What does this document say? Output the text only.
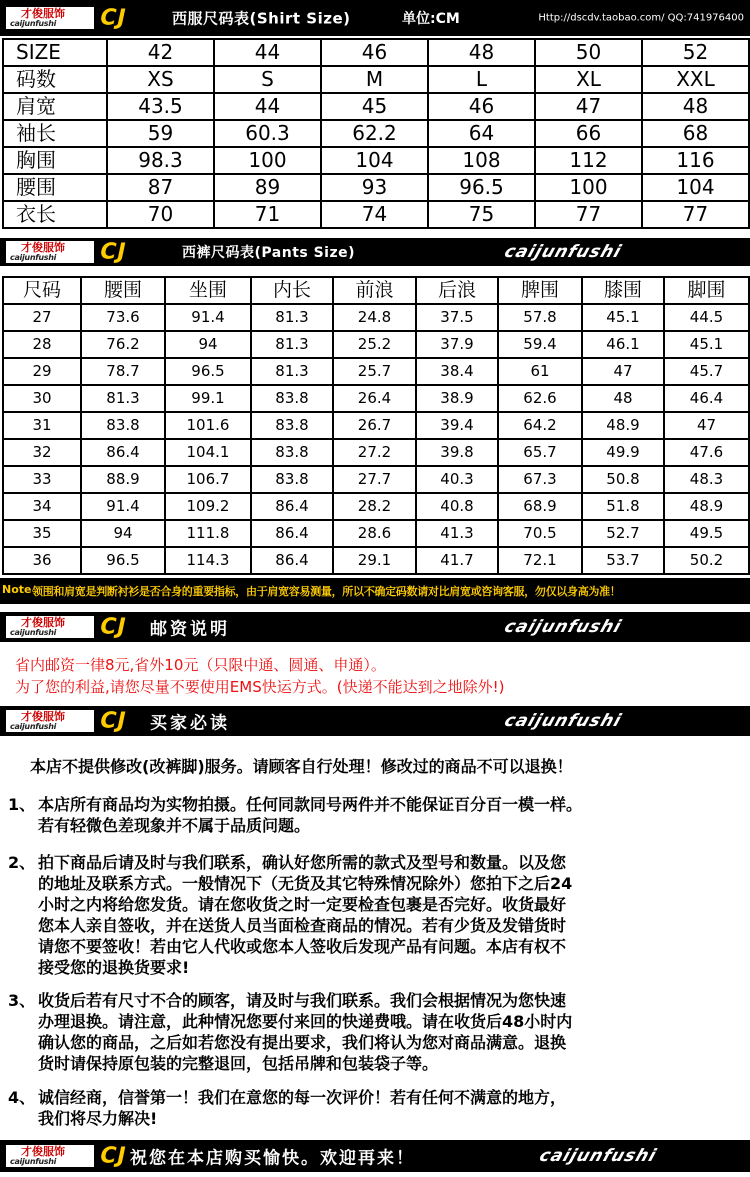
才俊服饰
caijunfushi CJ	西服尺码表(Shirt Size)	单位:CM	Http://dscdv.taobao.com/ QQ:741976400
SIZE	42	44	46	48	50	52
码数	XS	S	M	L	XL	XXL
肩宽	43.5	44	45	46	47	48
袖长	59	60.3	62.2	64	66	68
胸围	98.3	100	104	108	112	116
腰围	87	89	93	96.5	100	104
衣长	70	71	74	75	77	77
才俊服饰
caijunfushi CJ	西裤尺码表(Pants Size)	caijunfushi
尺码	腰围	坐围	内长	前浪	后浪	脾围	膝围	脚围
27	73.6	91.4	81.3	24.8	37.5	57.8	45.1	44.5
28	76.2	94	81.3	25.2	37.9	59.4	46.1	45.1
29	78.7	96.5	81.3	25.7	38.4	61	47	45.7
30	81.3	99.1	83.8	26.4	38.9	62.6	48	46.4
31	83.8	101.6	83.8	26.7	39.4	64.2	48.9	47
32	86.4	104.1	83.8	27.2	39.8	65.7	49.9	47.6
33	88.9	106.7	83.8	27.7	40.3	67.3	50.8	48.3
34	91.4	109.2	86.4	28.2	40.8	68.9	51.8	48.9
35	94	111.8	86.4	28.6	41.3	70.5	52.7	49.5
36	96.5	114.3	86.4	29.1	41.7	72.1	53.7	50.2
Note 领围和肩宽是判断衬衫是否合身的重要指标，由于肩宽容易测量，所以不确定码数请对比肩宽或咨询客服，勿仅以身高为准！
才俊服饰
caijunfushi CJ 邮资说明	caijunfushi
省内邮资一律8元,省外10元（只限中通、圆通、申通）。
为了您的利益,请您尽量不要使用EMS快运方式。(快递不能达到之地除外!)
才俊服饰
caijunfushi CJ 买家必读	caijunfushi
本店不提供修改(改裤脚)服务。请顾客自行处理！修改过的商品不可以退换！
1、 本店所有商品均为实物拍摄。任何同款同号两件并不能保证百分百一模一样。
若有轻微色差现象并不属于品质问题。
2、 拍下商品后请及时与我们联系，确认好您所需的款式及型号和数量。以及您
的地址及联系方式。一般情况下（无货及其它特殊情况除外）您拍下之后24
小时之内将给您发货。请在您收货之时一定要检查包裹是否完好。收货最好
您本人亲自签收，并在送货人员当面检查商品的情况。若有少货及发错货时
请您不要签收！若由它人代收或您本人签收后发现产品有问题。本店有权不
接受您的退换货要求!
3、 收货后若有尺寸不合的顾客，请及时与我们联系。我们会根据情况为您快速
办理退换。请注意，此种情况您要付来回的快递费哦。请在收货后48小时内
确认您的商品，之后如若您没有提出要求，我们将认为您对商品满意。退换
货时请保持原包装的完整退回，包括吊牌和包装袋子等。
4、 诚信经商，信誉第一！我们在意您的每一次评价！若有任何不满意的地方，
我们将尽力解决!
才俊服饰
caijunfushi CJ 祝您在本店购买愉快。欢迎再来！	caijunfushi
